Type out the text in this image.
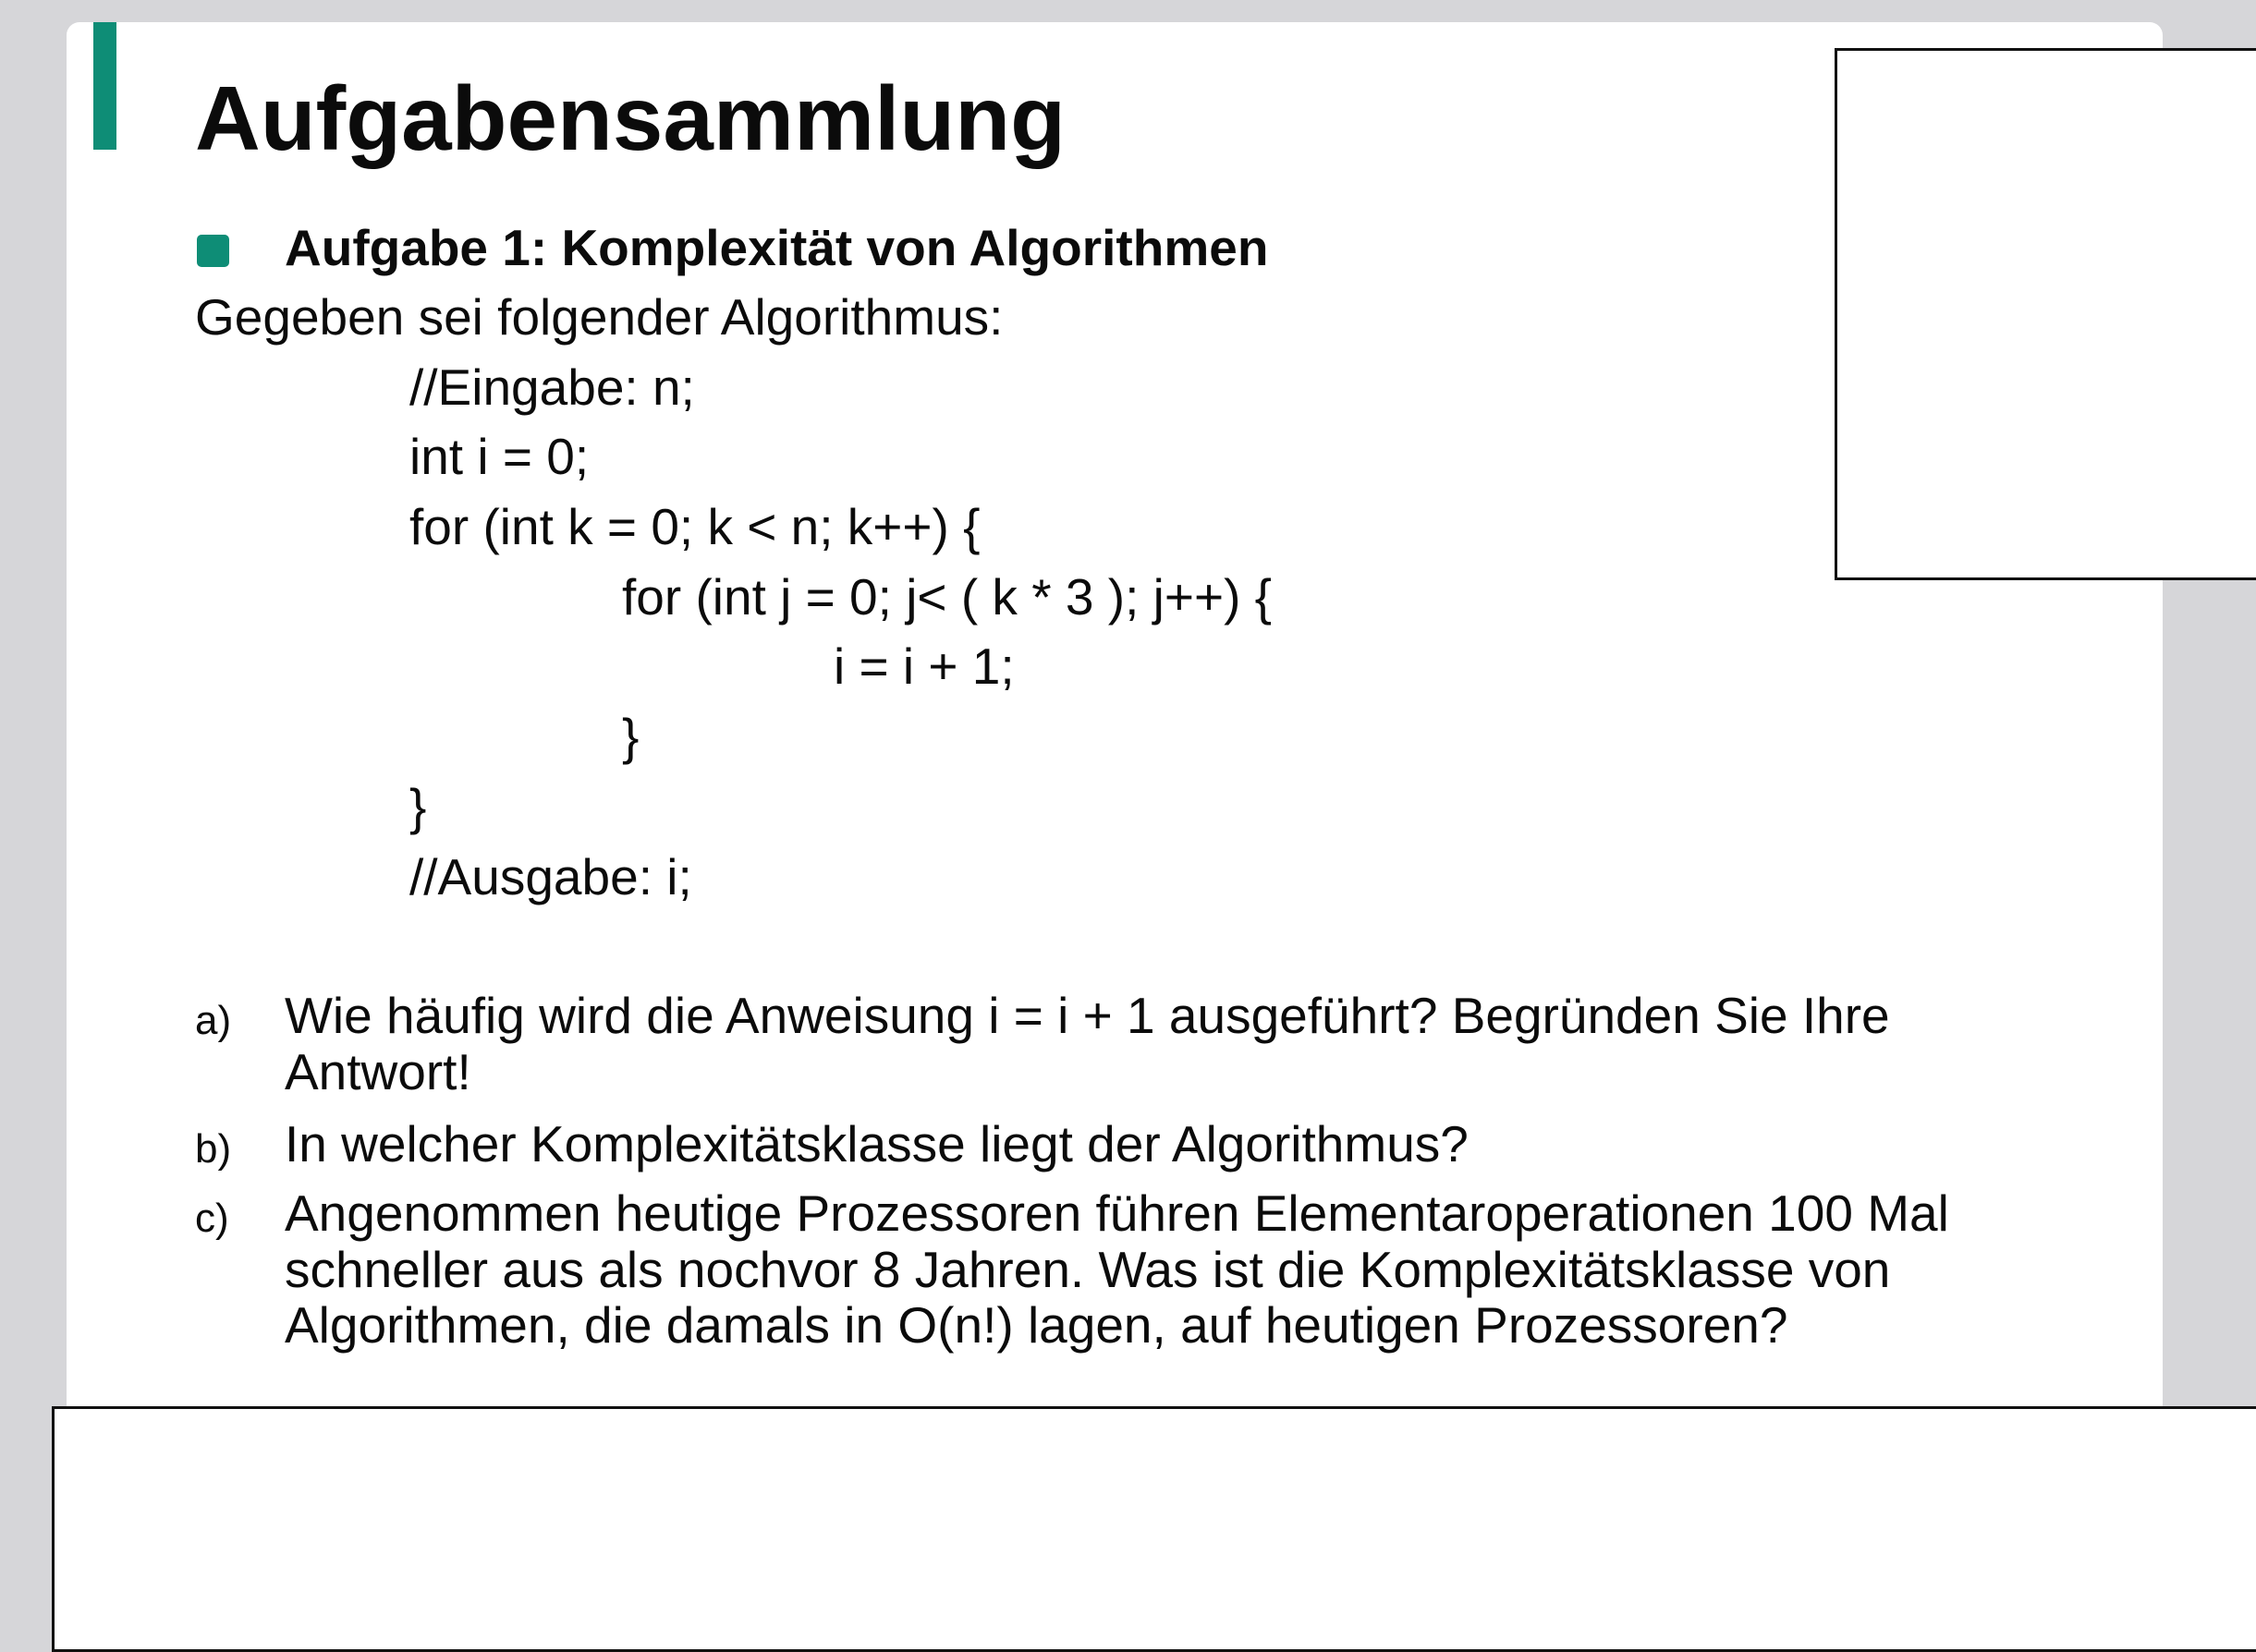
Aufgabensammlung
Aufgabe 1: Komplexität von Algorithmen
Gegeben sei folgender Algorithmus:
//Eingabe: n;
int i = 0;
for (int k = 0; k < n; k++) {
for (int j = 0; j< ( k * 3 ); j++) {
i = i + 1;
}
}
//Ausgabe: i;
a) Wie häufig wird die Anweisung i = i + 1 ausgeführt? Begründen Sie Ihre Antwort!
b) In welcher Komplexitätsklasse liegt der Algorithmus?
c) Angenommen heutige Prozessoren führen Elementaroperationen 100 Mal schneller aus als nochvor 8 Jahren. Was ist die Komplexitätsklasse von Algorithmen, die damals in O(n!) lagen, auf heutigen Prozessoren?
